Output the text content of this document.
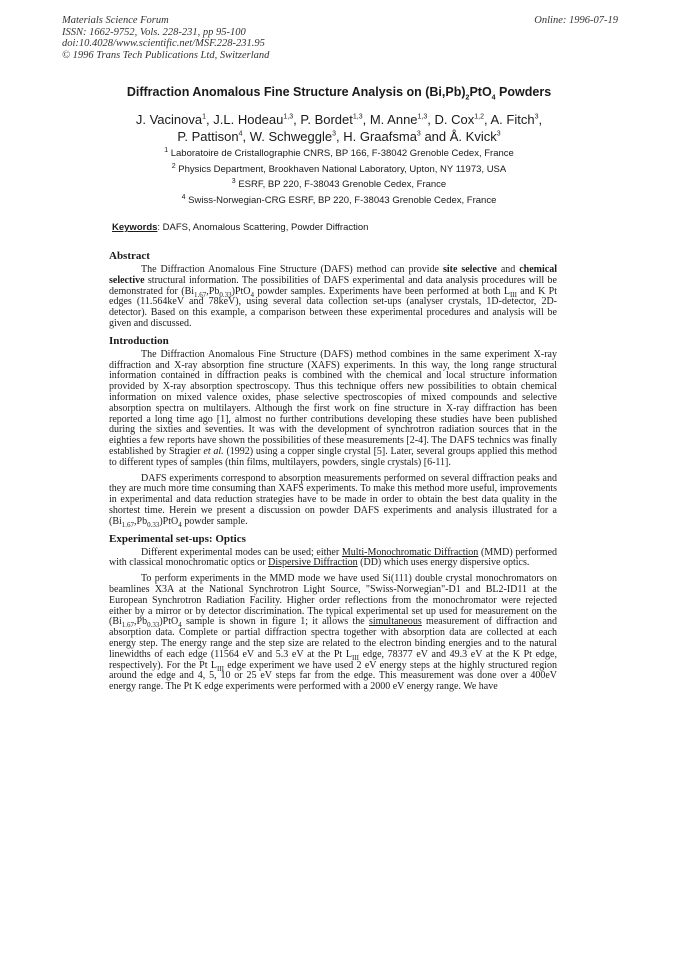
Materials Science Forum
ISSN: 1662-9752, Vols. 228-231, pp 95-100
doi:10.4028/www.scientific.net/MSF.228-231.95
© 1996 Trans Tech Publications Ltd, Switzerland
Online: 1996-07-19
Diffraction Anomalous Fine Structure Analysis on $(Bi,Pb)_2PtO_4$ Powders
J. Vacinova$^1$, J.L. Hodeau$^{1,3}$, P. Bordet$^{1,3}$, M. Anne$^{1,3}$, D. Cox$^{1,2}$, A. Fitch$^3$,
P. Pattison$^4$, W. Schweggle$^3$, H. Graafsma$^3$ and Å. Kvick$^3$
$^1$ Laboratoire de Cristallographie CNRS, BP 166, F-38042 Grenoble Cedex, France
$^2$ Physics Department, Brookhaven National Laboratory, Upton, NY 11973, USA
$^3$ ESRF, BP 220, F-38043 Grenoble Cedex, France
$^4$ Swiss-Norwegian-CRG ESRF, BP 220, F-38043 Grenoble Cedex, France
Keywords: DAFS, Anomalous Scattering, Powder Diffraction
Abstract

The Diffraction Anomalous Fine Structure (DAFS) method can provide site selective and chemical selective structural information. The possibilities of DAFS experimental and data analysis procedures will be demonstrated for $(Bi_{1.67},Pb_{0.33})PtO_4$ powder samples. Experiments have been performed at both $L_{III}$ and K Pt edges (11.564keV and 78keV), using several data collection set-ups (analyser crystals, 1D-detector, 2D-detector). Based on this example, a comparison between these experimental procedures and analysis will be given and discussed.

Introduction

The Diffraction Anomalous Fine Structure (DAFS) method combines in the same experiment X-ray diffraction and X-ray absorption fine structure (XAFS) experiments. In this way, the long range structural information contained in diffraction peaks is combined with the chemical and local structure information provided by X-ray absorption spectroscopy. Thus this technique offers new possibilities to obtain chemical information on mixed valence oxides, phase selective spectroscopies of mixed compounds and selective absorption spectra on multilayers. Although the first work on fine structure in X-ray diffraction has been reported a long time ago [1], almost no further contributions developing these studies have been published during the sixties and seventies. It was with the development of synchrotron radiation sources that in the eighties a few reports have shown the possibilities of these measurements [2-4]. The DAFS technics was finally established by Stragier et al. (1992) using a copper single crystal [5]. Later, several groups applied this method to different types of samples (thin films, multilayers, powders, single crystals) [6-11].

DAFS experiments correspond to absorption measurements performed on several diffraction peaks and they are much more time consuming than XAFS experiments. To make this method more useful, improvements in experimental and data reduction strategies have to be made in order to obtain the best data quality in the shortest time. Herein we present a discussion on powder DAFS experiments and analysis illustrated for a $(Bi_{1.67},Pb_{0.33})PtO_4$ powder sample.

Experimental set-ups: Optics

Different experimental modes can be used; either Multi-Monochromatic Diffraction (MMD) performed with classical monochromatic optics or Dispersive Diffraction (DD) which uses energy dispersive optics.

To perform experiments in the MMD mode we have used Si(111) double crystal monochromators on beamlines X3A at the National Synchrotron Light Source, "Swiss-Norwegian"-D1 and BL2-ID11 at the European Synchrotron Radiation Facility. Higher order reflections from the monochromator were rejected either by a mirror or by detector discrimination. The typical experimental set up used for measurement on the $(Bi_{1.67},Pb_{0.33})PtO_4$ sample is shown in figure 1; it allows the simultaneous measurement of diffraction and absorption data. Complete or partial diffraction spectra together with absorption data are collected at each energy step. The energy range and the step size are related to the electron binding energies and to the natural linewidths of each edge (11564 eV and 5.3 eV at the Pt $L_{III}$ edge, 78377 eV and 49.3 eV at the K Pt edge, respectively). For the Pt $L_{III}$ edge experiment we have used 2 eV energy steps at the highly structured region around the edge and 4, 5, 10 or 25 eV steps far from the edge. This measurement was done over a 400eV energy range. The Pt K edge experiments were performed with a 2000 eV energy range. We have
